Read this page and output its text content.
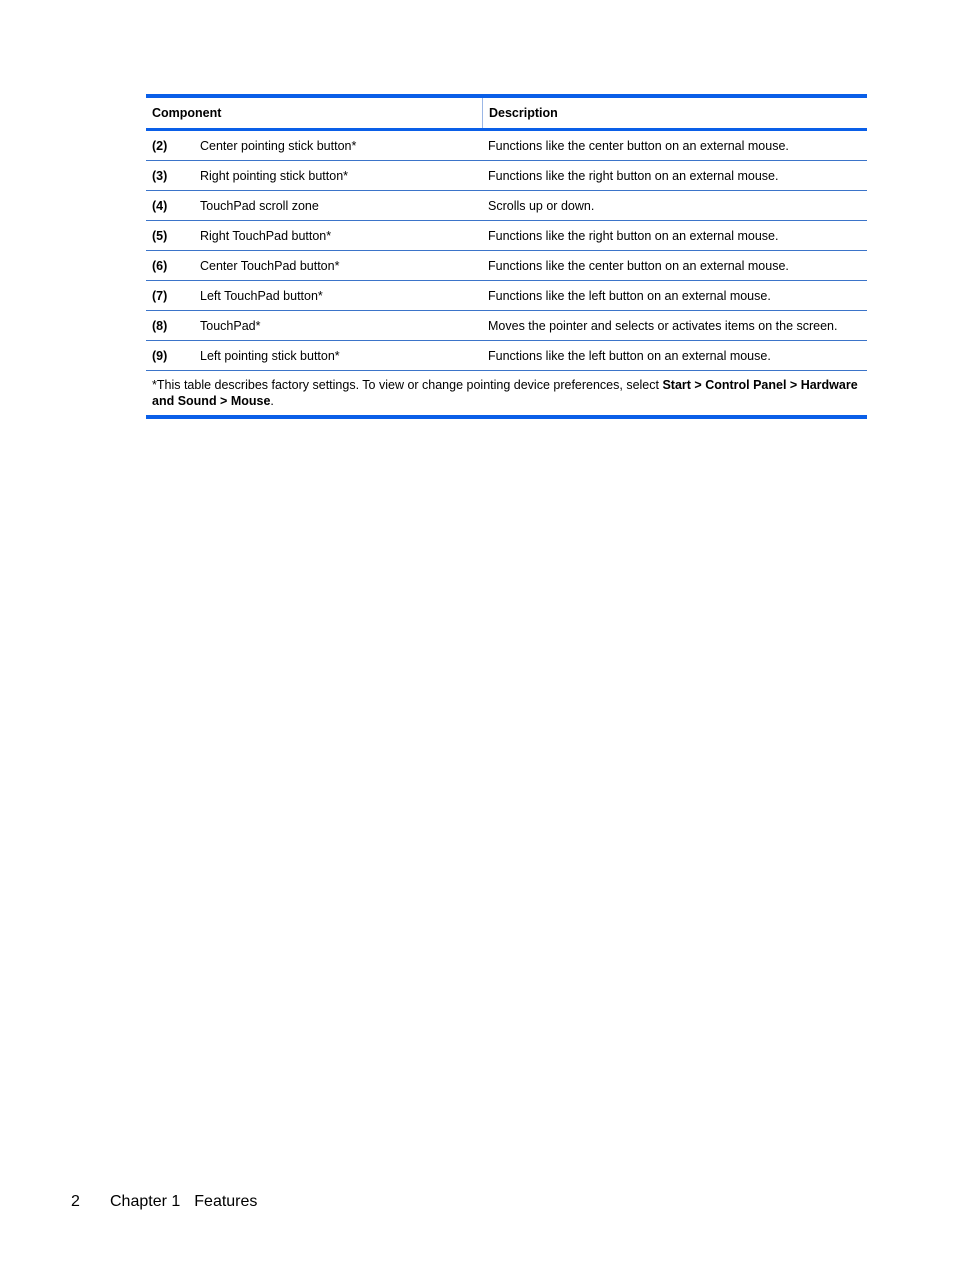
Component	Description
(2)	Center pointing stick button*	Functions like the center button on an external mouse.
(3)	Right pointing stick button*	Functions like the right button on an external mouse.
(4)	TouchPad scroll zone	Scrolls up or down.
(5)	Right TouchPad button*	Functions like the right button on an external mouse.
(6)	Center TouchPad button*	Functions like the center button on an external mouse.
(7)	Left TouchPad button*	Functions like the left button on an external mouse.
(8)	TouchPad*	Moves the pointer and selects or activates items on the screen.
(9)	Left pointing stick button*	Functions like the left button on an external mouse.
*This table describes factory settings. To view or change pointing device preferences, select Start > Control Panel > Hardware and Sound > Mouse.
2 Chapter 1 Features
